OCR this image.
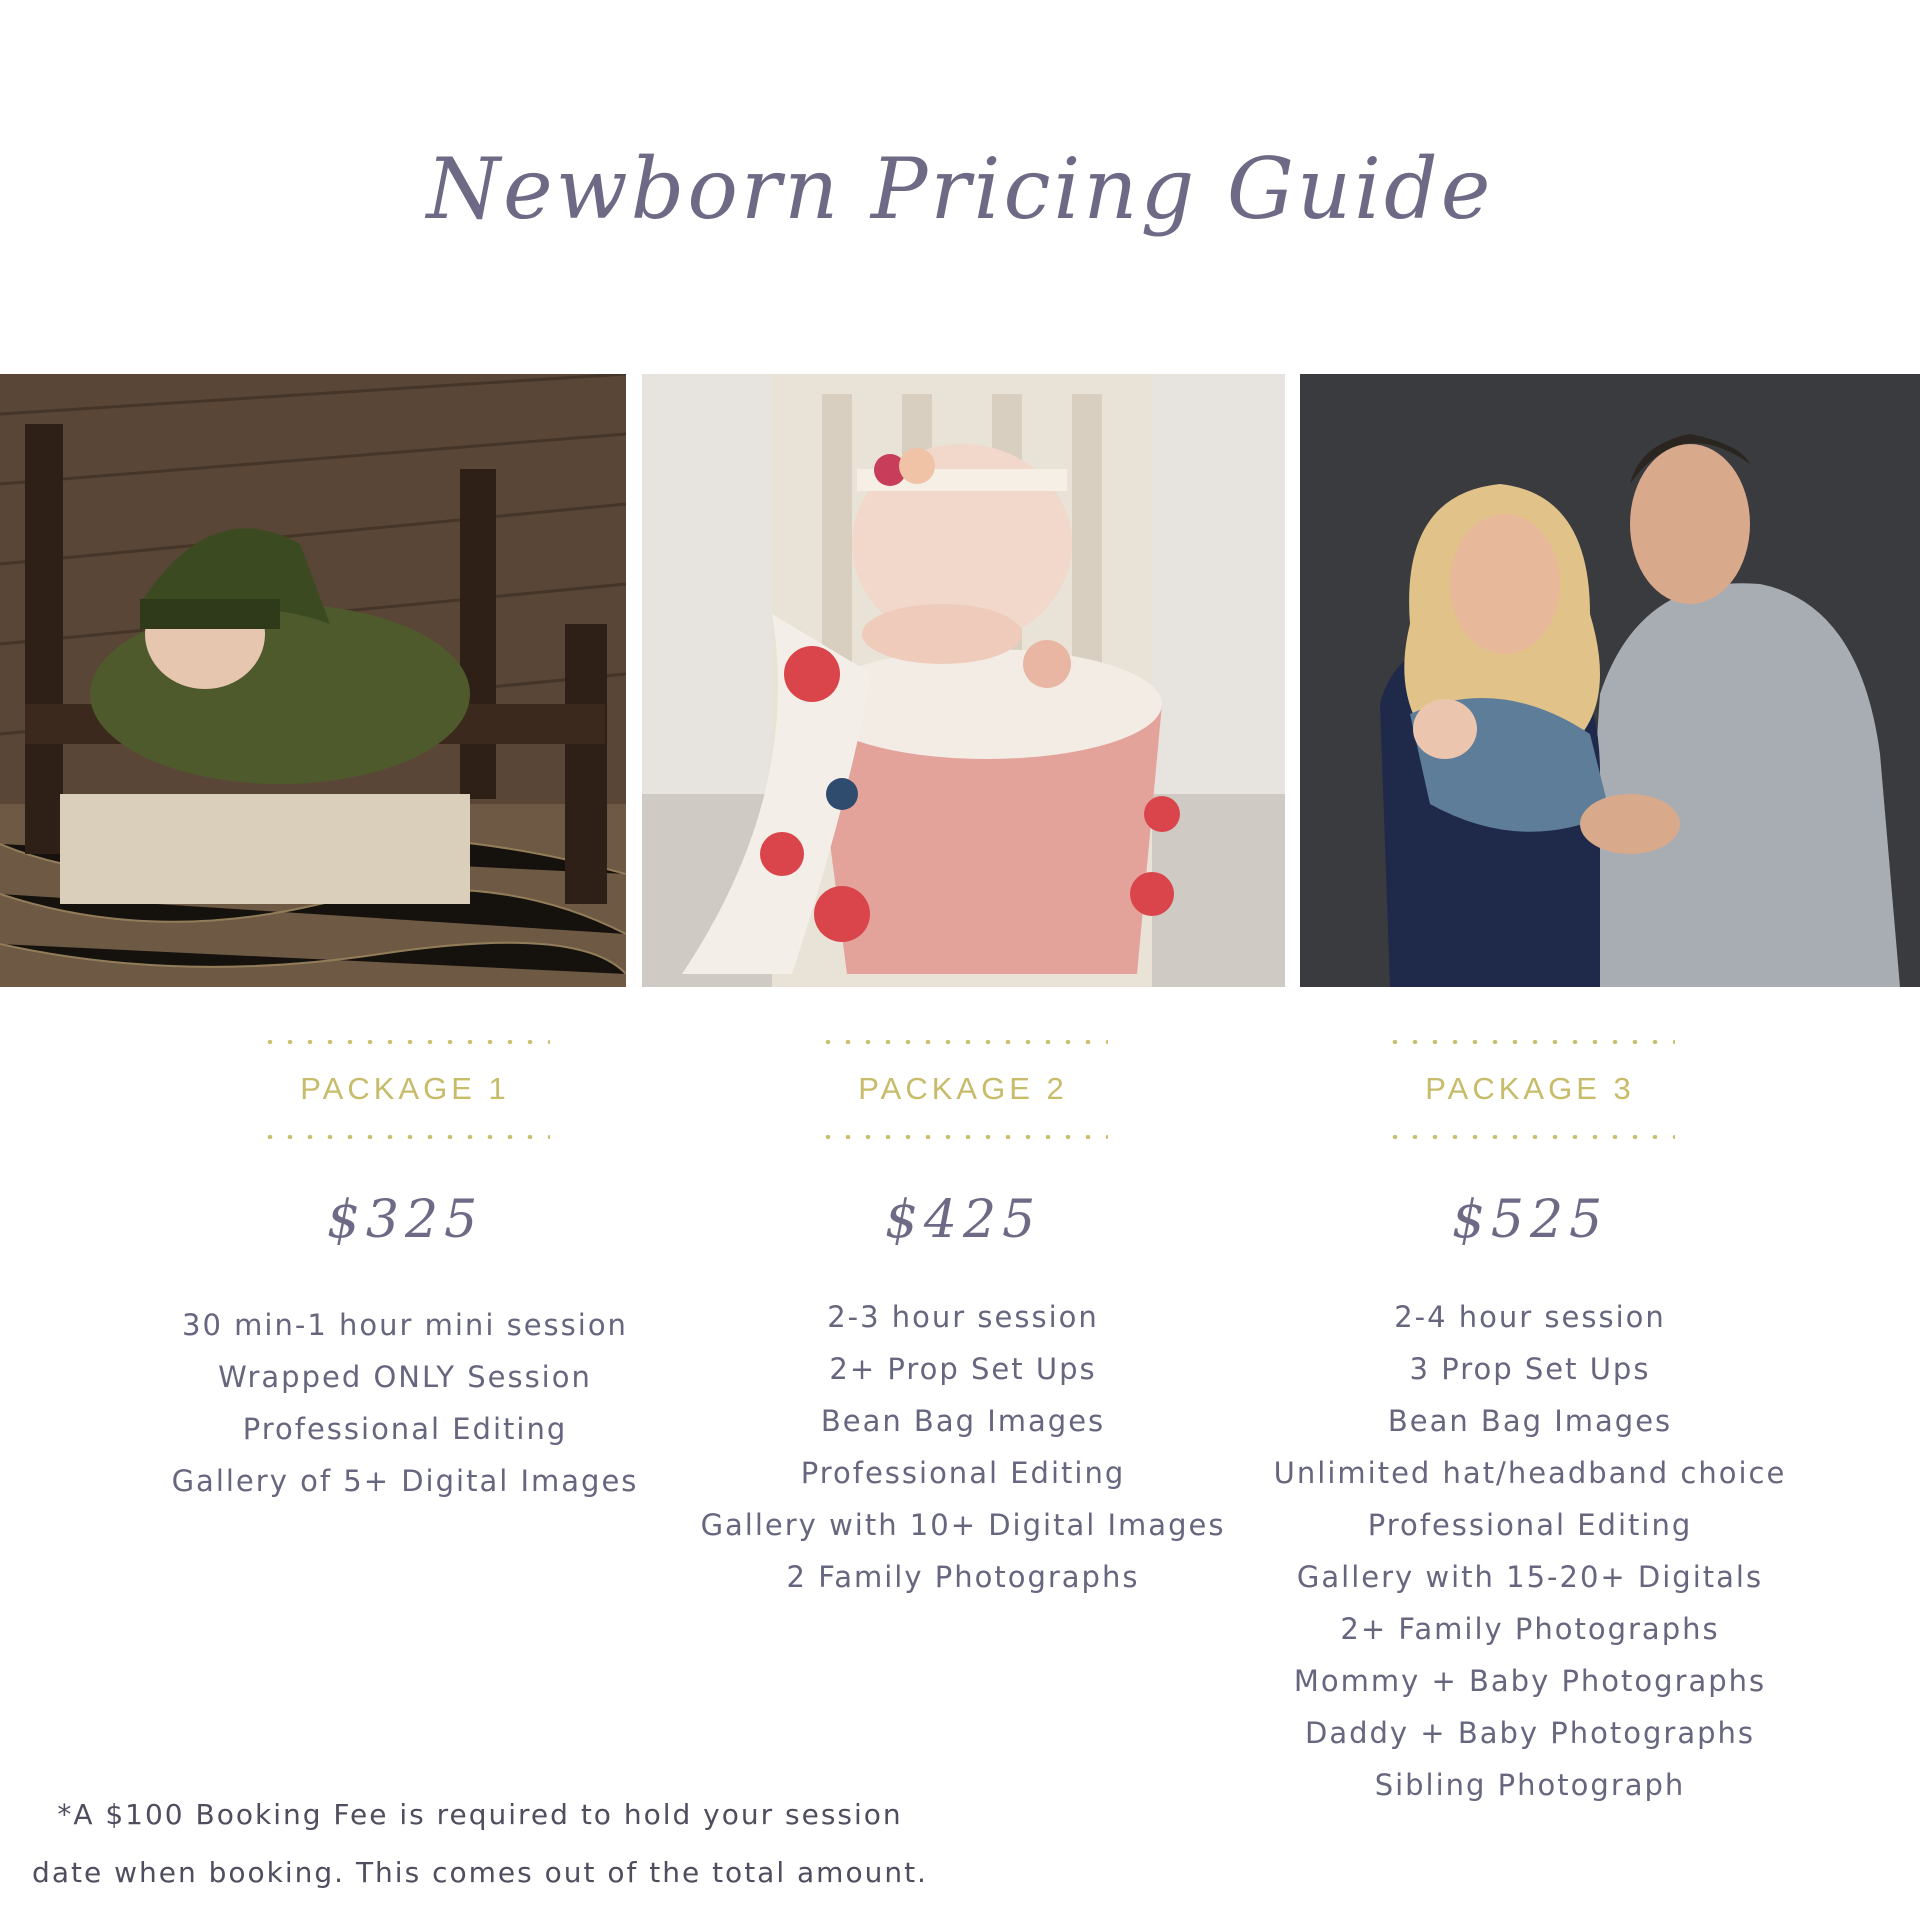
Newborn Pricing Guide
PACKAGE 1
$325
30 min-1 hour mini session
Wrapped ONLY Session
Professional Editing
Gallery of 5+ Digital Images
PACKAGE 2
$425
2-3 hour session
2+ Prop Set Ups
Bean Bag Images
Professional Editing
Gallery with 10+ Digital Images
2 Family Photographs
PACKAGE 3
$525
2-4 hour session
3 Prop Set Ups
Bean Bag Images
Unlimited hat/headband choice
Professional Editing
Gallery with 15-20+ Digitals
2+ Family Photographs
Mommy + Baby Photographs
Daddy + Baby Photographs
Sibling Photograph
*A $100 Booking Fee is required to hold your session
date when booking. This comes out of the total amount.
